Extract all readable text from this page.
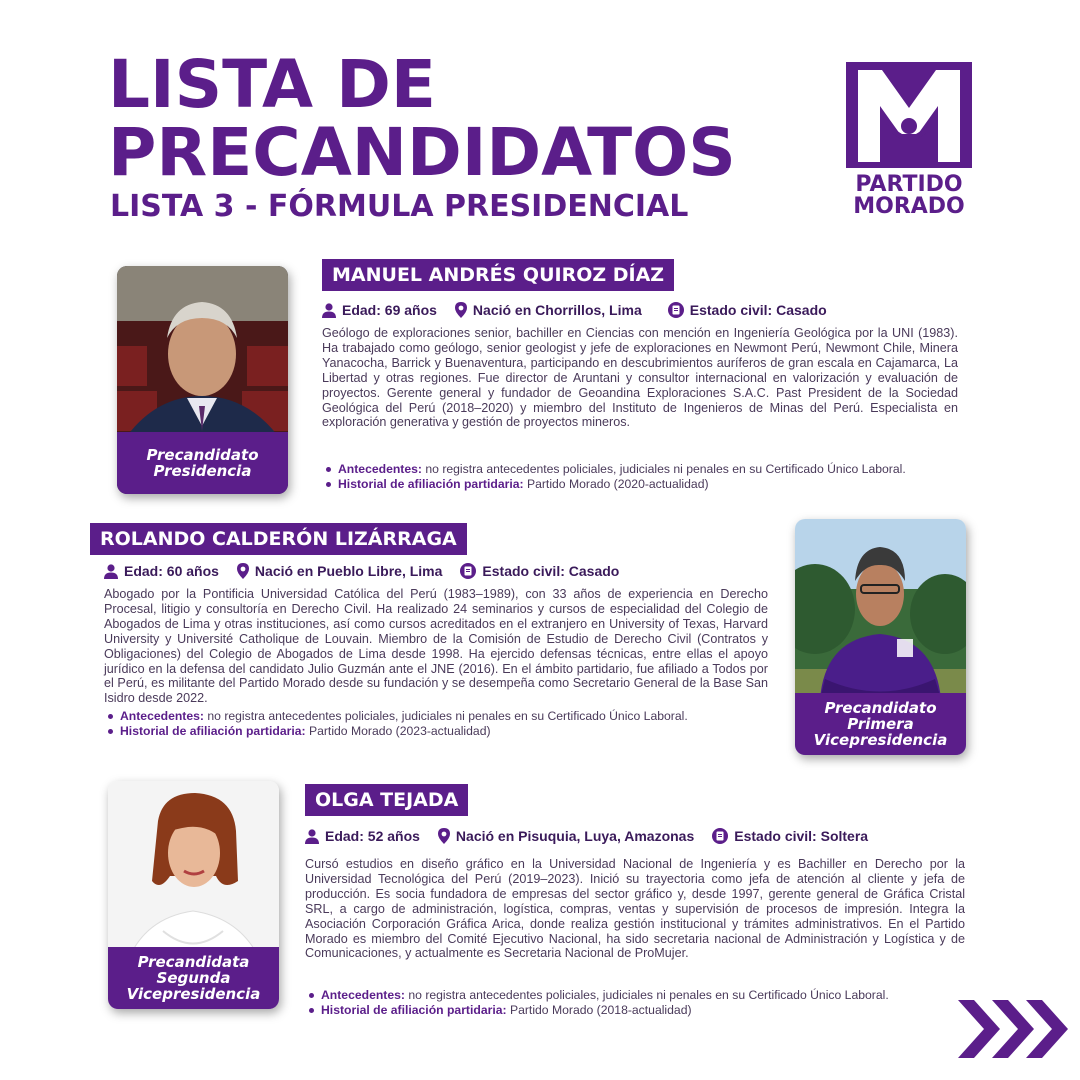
LISTA DE
PRECANDIDATOS
LISTA 3 - FÓRMULA PRESIDENCIAL
PARTIDO
MORADO
Precandidato
Presidencia
MANUEL ANDRÉS QUIROZ DÍAZ
Edad: 69 años	Nació en Chorrillos, Lima	Estado civil: Casado
Geólogo de exploraciones senior, bachiller en Ciencias con mención en Ingeniería Geológica por la UNI (1983). Ha trabajado como geólogo, senior geologist y jefe de exploraciones en Newmont Perú, Newmont Chile, Minera Yanacocha, Barrick y Buenaventura, participando en descubrimientos auríferos de gran escala en Cajamarca, La Libertad y otras regiones. Fue director de Aruntani y consultor internacional en valorización y evaluación de proyectos. Gerente general y fundador de Geoandina Exploraciones S.A.C. Past President de la Sociedad Geológica del Perú (2018–2020) y miembro del Instituto de Ingenieros de Minas del Perú. Especialista en exploración generativa y gestión de proyectos mineros.
Antecedentes: no registra antecedentes policiales, judiciales ni penales en su Certificado Único Laboral.
Historial de afiliación partidaria: Partido Morado (2020-actualidad)
ROLANDO CALDERÓN LIZÁRRAGA
Edad: 60 años	Nació en Pueblo Libre, Lima	Estado civil: Casado
Abogado por la Pontificia Universidad Católica del Perú (1983–1989), con 33 años de experiencia en Derecho Procesal, litigio y consultoría en Derecho Civil. Ha realizado 24 seminarios y cursos de especialidad del Colegio de Abogados de Lima y otras instituciones, así como cursos acreditados en el extranjero en University of Texas, Harvard University y Université Catholique de Louvain. Miembro de la Comisión de Estudio de Derecho Civil (Contratos y Obligaciones) del Colegio de Abogados de Lima desde 1998. Ha ejercido defensas técnicas, entre ellas el apoyo jurídico en la defensa del candidato Julio Guzmán ante el JNE (2016). En el ámbito partidario, fue afiliado a Todos por el Perú, es militante del Partido Morado desde su fundación y se desempeña como Secretario General de la Base San Isidro desde 2022.
Antecedentes: no registra antecedentes policiales, judiciales ni penales en su Certificado Único Laboral.
Historial de afiliación partidaria: Partido Morado (2023-actualidad)
Precandidato
Primera
Vicepresidencia
Precandidata
Segunda
Vicepresidencia
OLGA TEJADA
Edad: 52 años	Nació en Pisuquia, Luya, Amazonas	Estado civil: Soltera
Cursó estudios en diseño gráfico en la Universidad Nacional de Ingeniería y es Bachiller en Derecho por la Universidad Tecnológica del Perú (2019–2023). Inició su trayectoria como jefa de atención al cliente y jefa de producción. Es socia fundadora de empresas del sector gráfico y, desde 1997, gerente general de Gráfica Cristal SRL, a cargo de administración, logística, compras, ventas y supervisión de procesos de impresión. Integra la Asociación Corporación Gráfica Arica, donde realiza gestión institucional y trámites administrativos. En el Partido Morado es miembro del Comité Ejecutivo Nacional, ha sido secretaria nacional de Administración y Logística y de Comunicaciones, y actualmente es Secretaria Nacional de ProMujer.
Antecedentes: no registra antecedentes policiales, judiciales ni penales en su Certificado Único Laboral.
Historial de afiliación partidaria: Partido Morado (2018-actualidad)
